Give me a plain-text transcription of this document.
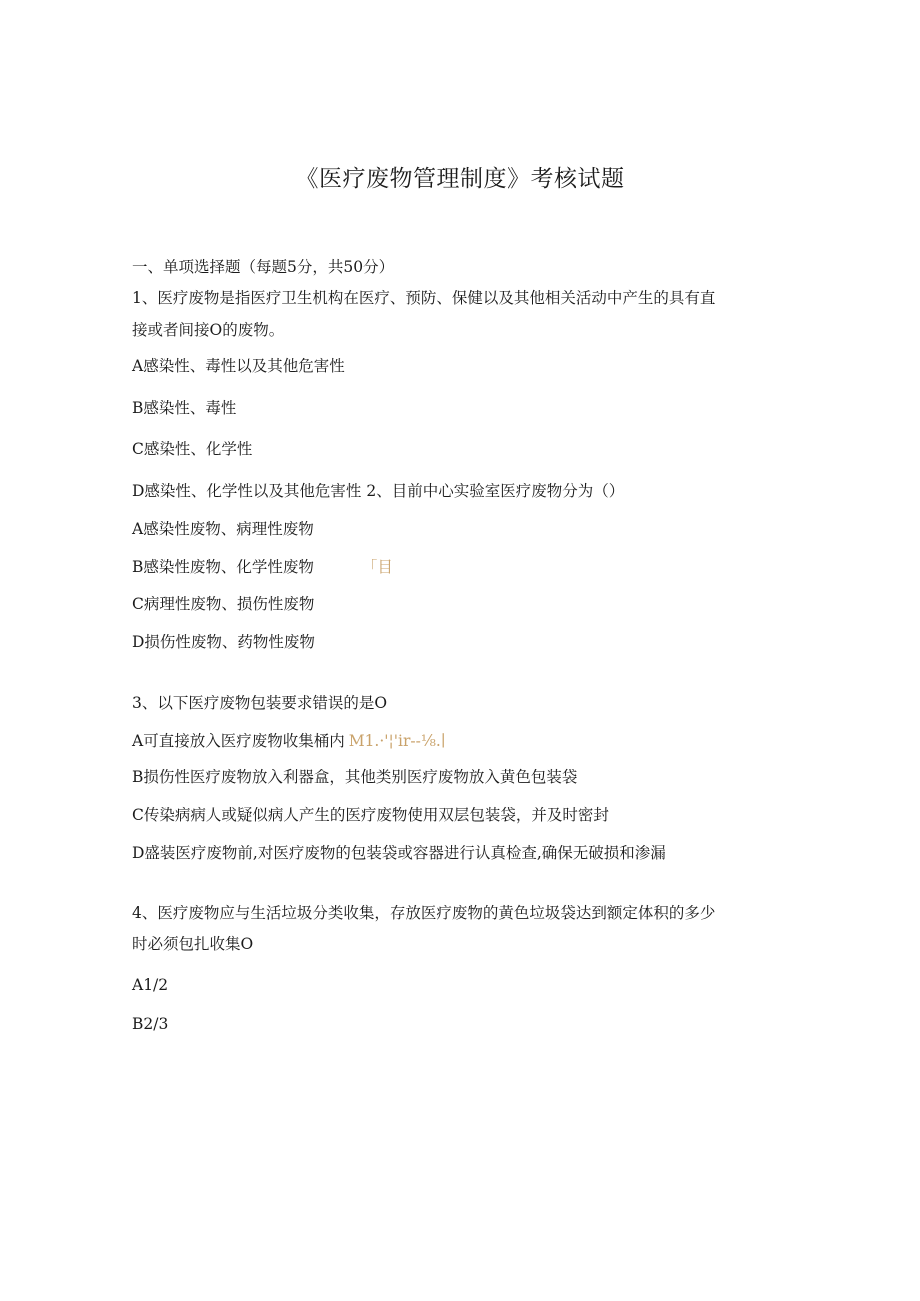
《医疗废物管理制度》考核试题
一、单项选择题（每题5分，共50分）
1、医疗废物是指医疗卫生机构在医疗、预防、保健以及其他相关活动中产生的具有直
接或者间接O的废物。
A感染性、毒性以及其他危害性
B感染性、毒性
C感染性、化学性
D感染性、化学性以及其他危害性 2、目前中心实验室医疗废物分为（）
A感染性废物、病理性废物
B感染性废物、化学性废物	「目
C病理性废物、损伤性废物
D损伤性废物、药物性废物
3、以下医疗废物包装要求错误的是O
A可直接放入医疗废物收集桶内 M1.·'¦'ir--⅛.∣
B损伤性医疗废物放入利器盒，其他类别医疗废物放入黄色包装袋
C传染病病人或疑似病人产生的医疗废物使用双层包装袋，并及时密封
D盛装医疗废物前,对医疗废物的包装袋或容器进行认真检查,确保无破损和渗漏
4、医疗废物应与生活垃圾分类收集，存放医疗废物的黄色垃圾袋达到额定体积的多少
时必须包扎收集O
A1/2
B2/3
